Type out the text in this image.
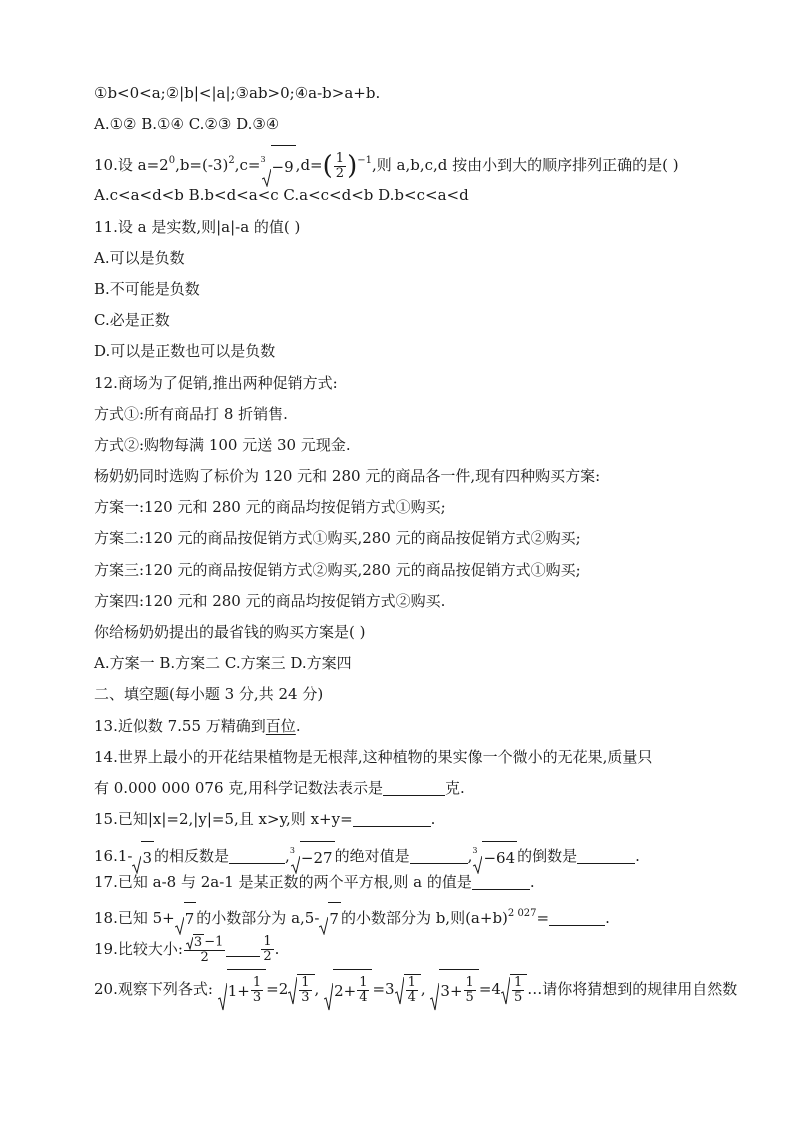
①b<0<a;②|b|<|a|;③ab>0;④a-b>a+b.
A.①② B.①④ C.②③ D.③④
10.设 $a=2^0,b=(-3)^2,c=^3 -9$ $,d=( \frac{1}{2} )^{-1}$,则 a,b,c,d 按由小到大的顺序排列正确的是( )
A.c<a<d<b B.b<d<a<c C.a<c<d<b D.b<c<a<d
11.设 a 是实数,则|a|-a 的值( )
A.可以是负数
B.不可能是负数
C.必是正数
D.可以是正数也可以是负数
12.商场为了促销,推出两种促销方式:
方式①:所有商品打 8 折销售.
方式②:购物每满 100 元送 30 元现金.
杨奶奶同时选购了标价为 120 元和 280 元的商品各一件,现有四种购买方案:
方案一:120 元和 280 元的商品均按促销方式①购买;
方案二:120 元的商品按促销方式①购买,280 元的商品按促销方式②购买;
方案三:120 元的商品按促销方式②购买,280 元的商品按促销方式①购买;
方案四:120 元和 280 元的商品均按促销方式②购买.
你给杨奶奶提出的最省钱的购买方案是( )
A.方案一 B.方案二 C.方案三 D.方案四
二、填空题(每小题 3 分,共 24 分)
13.近似数 7.55 万精确到百位.
14.世界上最小的开花结果植物是无根萍,这种植物的果实像一个微小的无花果,质量只
有 0.000 000 076 克,用科学记数法表示是	克.
15.已知|x|=2,|y|=5,且 x>y,则 x+y=	.
16.1- 3 的相反数是	,$^3$ −27 的绝对值是	,$^3$ −64 的倒数是	.
17.已知 a-8 与 2a-1 是某正数的两个平方根,则 a 的值是	.
18.已知 5+ 7 的小数部分为 a,5- 7 的小数部分为 b,则$(a+b)^{2 027}=$	.
19.比较大小: $\frac{3 -1}{2}$	$\frac{1}{2}$ .
20.观察下列各式: $1 + \frac{1}{3} =2 \frac{1}{3}$ , $2 + \frac{1}{4} =3 \frac{1}{4}$ , $3 + \frac{1}{5} =4 \frac{1}{5}$ …请你将猜想到的规律用自然数
